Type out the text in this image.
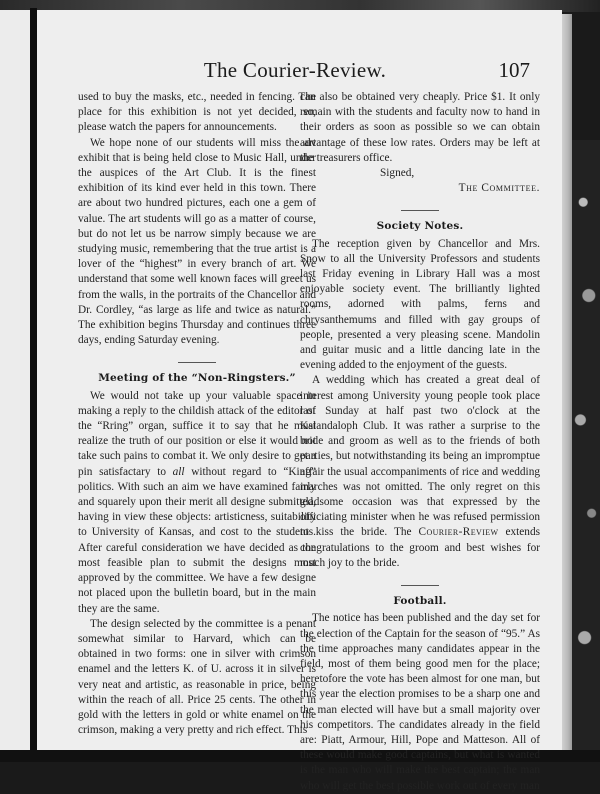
The Courier-Review.	107

used to buy the masks, etc., needed in fencing. The place for this exhibition is not yet decided, so, please watch the papers for announcements.

We hope none of our students will miss the art exhibit that is being held close to Music Hall, under the auspices of the Art Club. It is the finest exhibition of its kind ever held in this town. There are about two hundred pictures, each one a gem of value. The art students will go as a matter of course, but do not let us be narrow simply because we are studying music, remembering that the true artist is a lover of the “highest” in every branch of art. We understand that some well known faces will greet us from the walls, in the portraits of the Chancellor and Dr. Cordley, “as large as life and twice as natural.” The exhibition begins Thursday and continues three days, ending Saturday evening.

Meeting of the “Non-Ringsters.”

We would not take up your valuable space in making a reply to the childish attack of the editor of the “Rring” organ, suffice it to say that he must realize the truth of our position or else it would not take such pains to combat it. We only desire to get a pin satisfactary to all without regard to “King” politics. With such an aim we have examined fairly and squarely upon their merit all designe submitted, having in view these objects: artisticness, suitability to University of Kansas, and cost to the students. After careful consideration we have decided as the most feasible plan to submit the designs most approved by the committee. We have a few designe not placed upon the bulletin board, but in the main they are the same.

The design selected by the committee is a penant somewhat similar to Harvard, which can be obtained in two forms: one in silver with crimson enamel and the letters K. of U. across it in silver is very neat and artistic, as reasonable in price, being within the reach of all. Price 25 cents. The other in gold with the letters in gold or white enamel on the crimson, making a very pretty and rich effect. This

can also be obtained very cheaply. Price $1. It only remain with the students and faculty now to hand in their orders as soon as possible so we can obtain advantage of these low rates. Orders may be left at the treasurers office.

Signed,

The Committee.

Society Notes.

The reception given by Chancellor and Mrs. Snow to all the University Professors and students last Friday evening in Library Hall was a most enjoyable society event. The brilliantly lighted rooms, adorned with palms, ferns and chrysanthemums and filled with gay groups of people, presented a very pleasing scene. Mandolin and guitar music and a little dancing late in the evening added to the enjoyment of the guests.

A wedding which has created a great deal of interest among University young people took place last Sunday at half past two o'clock at the Kalandaloph Club. It was rather a surprise to the bride and groom as well as to the friends of both parties, but notwithstanding its being an impromptue affair the usual accompaniments of rice and wedding marches was not omitted. The only regret on this gladsome occasion was that expressed by the officiating minister when he was refused permission to kiss the bride. The Courier-Review extends congratulations to the groom and best wishes for much joy to the bride.

Football.

The notice has been published and the day set for the election of the Captain for the season of “95.” As the time approaches many candidates appear in the field, most of them being good men for the place; heretofore the vote has been almost for one man, but this year the election promises to be a sharp one and the man elected will have but a small majority over his competitors. The candidates already in the field are: Piatt, Armour, Hill, Pope and Matteson. All of these would make good captains, but what is wanted is the man who will make the best captain; the man who will get the best possible work out of every man
